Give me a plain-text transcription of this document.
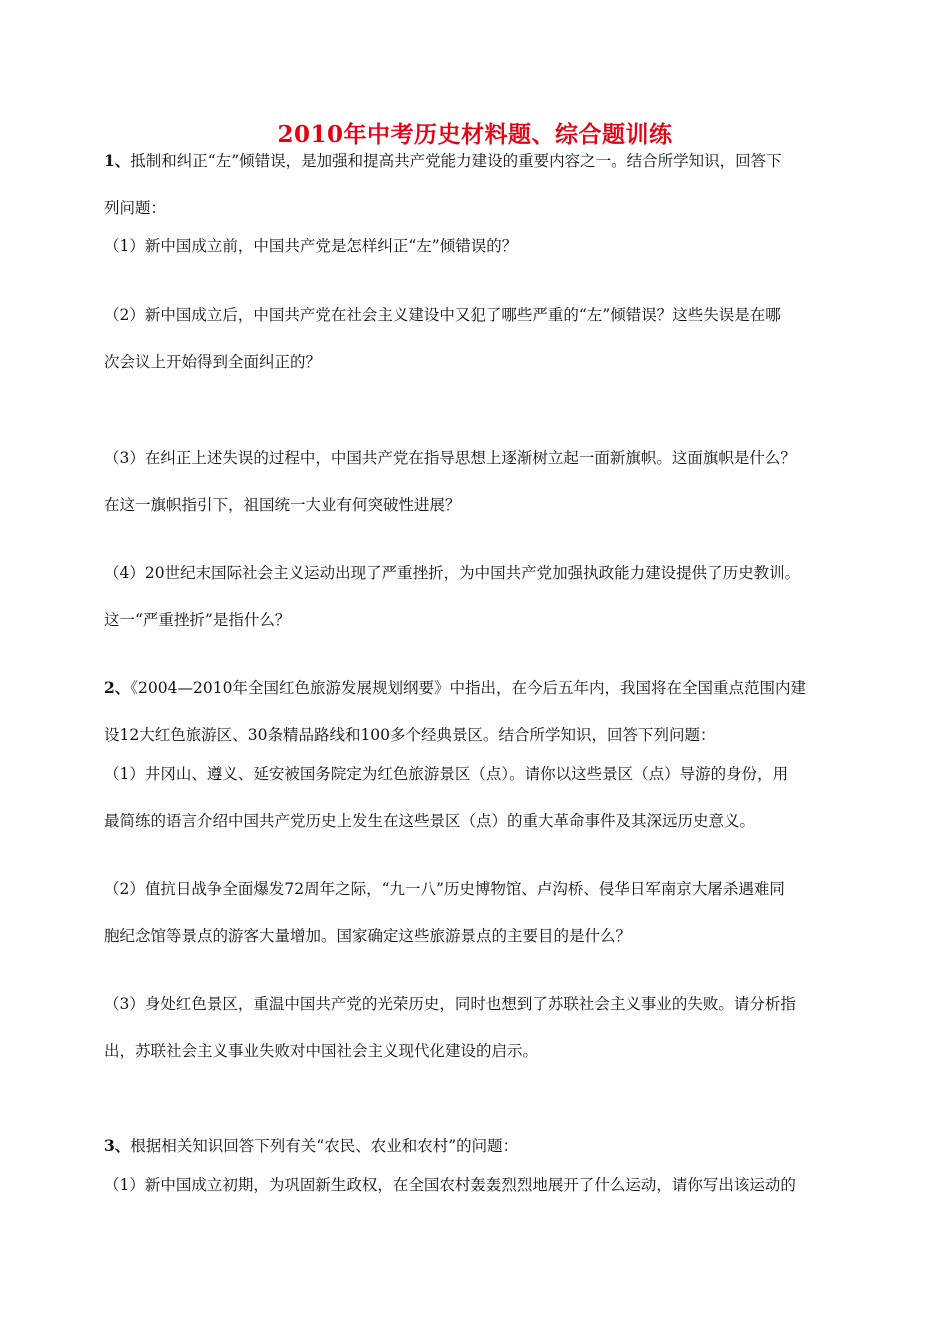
2010年中考历史材料题、综合题训练
1、抵制和纠正“左”倾错误，是加强和提高共产党能力建设的重要内容之一。结合所学知识，回答下
列问题：
（1）新中国成立前，中国共产党是怎样纠正“左”倾错误的？
（2）新中国成立后，中国共产党在社会主义建设中又犯了哪些严重的“左”倾错误？这些失误是在哪
次会议上开始得到全面纠正的？
（3）在纠正上述失误的过程中，中国共产党在指导思想上逐渐树立起一面新旗帜。这面旗帜是什么？
在这一旗帜指引下，祖国统一大业有何突破性进展？
（4）20世纪末国际社会主义运动出现了严重挫折，为中国共产党加强执政能力建设提供了历史教训。
这一“严重挫折”是指什么？
2、《2004—2010年全国红色旅游发展规划纲要》中指出，在今后五年内，我国将在全国重点范围内建
设12大红色旅游区、30条精品路线和100多个经典景区。结合所学知识，回答下列问题：
（1）井冈山、遵义、延安被国务院定为红色旅游景区（点）。请你以这些景区（点）导游的身份，用
最简练的语言介绍中国共产党历史上发生在这些景区（点）的重大革命事件及其深远历史意义。
（2）值抗日战争全面爆发72周年之际，“九一八”历史博物馆、卢沟桥、侵华日军南京大屠杀遇难同
胞纪念馆等景点的游客大量增加。国家确定这些旅游景点的主要目的是什么？
（3）身处红色景区，重温中国共产党的光荣历史，同时也想到了苏联社会主义事业的失败。请分析指
出，苏联社会主义事业失败对中国社会主义现代化建设的启示。
3、根据相关知识回答下列有关“农民、农业和农村”的问题：
（1）新中国成立初期，为巩固新生政权，在全国农村轰轰烈烈地展开了什么运动，请你写出该运动的
